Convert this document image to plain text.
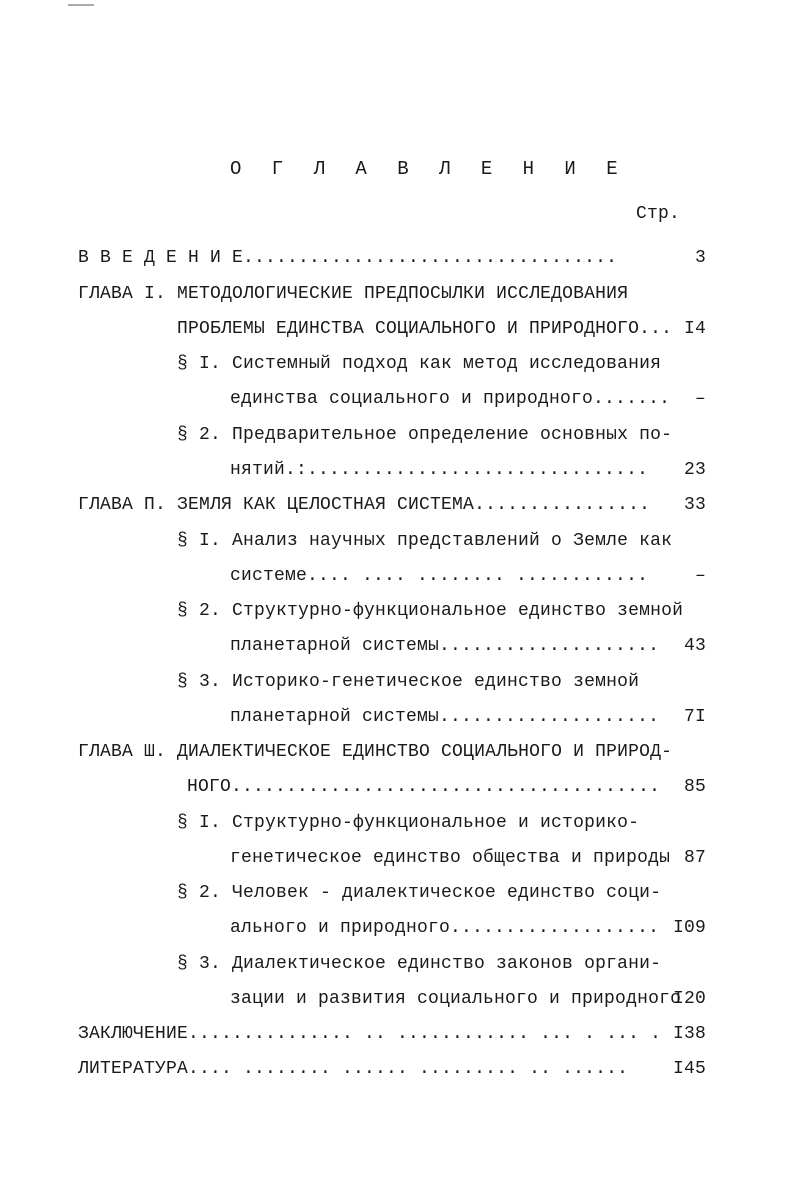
О Г Л А В Л Е Н И Е
Стр.
В В Е Д Е Н И Е..................................	3
ГЛАВА I. МЕТОДОЛОГИЧЕСКИЕ ПРЕДПОСЫЛКИ ИССЛЕДОВАНИЯ
ПРОБЛЕМЫ ЕДИНСТВА СОЦИАЛЬНОГО И ПРИРОДНОГО... I4
§ I. Системный подход как метод исследования
единства социального и природного.......	–
§ 2. Предварительное определение основных по-
нятий.:...............................	23
ГЛАВА П. ЗЕМЛЯ КАК ЦЕЛОСТНАЯ СИСТЕМА................	33
§ I. Анализ научных представлений о Земле как
системе.... .... ........ ............	–
§ 2. Структурно-функциональное единство земной
планетарной системы....................	43
§ 3. Историко-генетическое единство земной
планетарной системы....................	7I
ГЛАВА Ш. ДИАЛЕКТИЧЕСКОЕ ЕДИНСТВО СОЦИАЛЬНОГО И ПРИРОД-
НОГО.......................................	85
§ I. Структурно-функциональное и историко-
генетическое единство общества и природы 87
§ 2. Человек - диалектическое единство соци-
ального и природного................... I09
§ 3. Диалектическое единство законов органи-
зации и развития социального и природного
I20
ЗАКЛЮЧЕНИЕ............... .. ............ ... . ... . I38
ЛИТЕРАТУРА.... ........ ...... ......... .. ......	I45
